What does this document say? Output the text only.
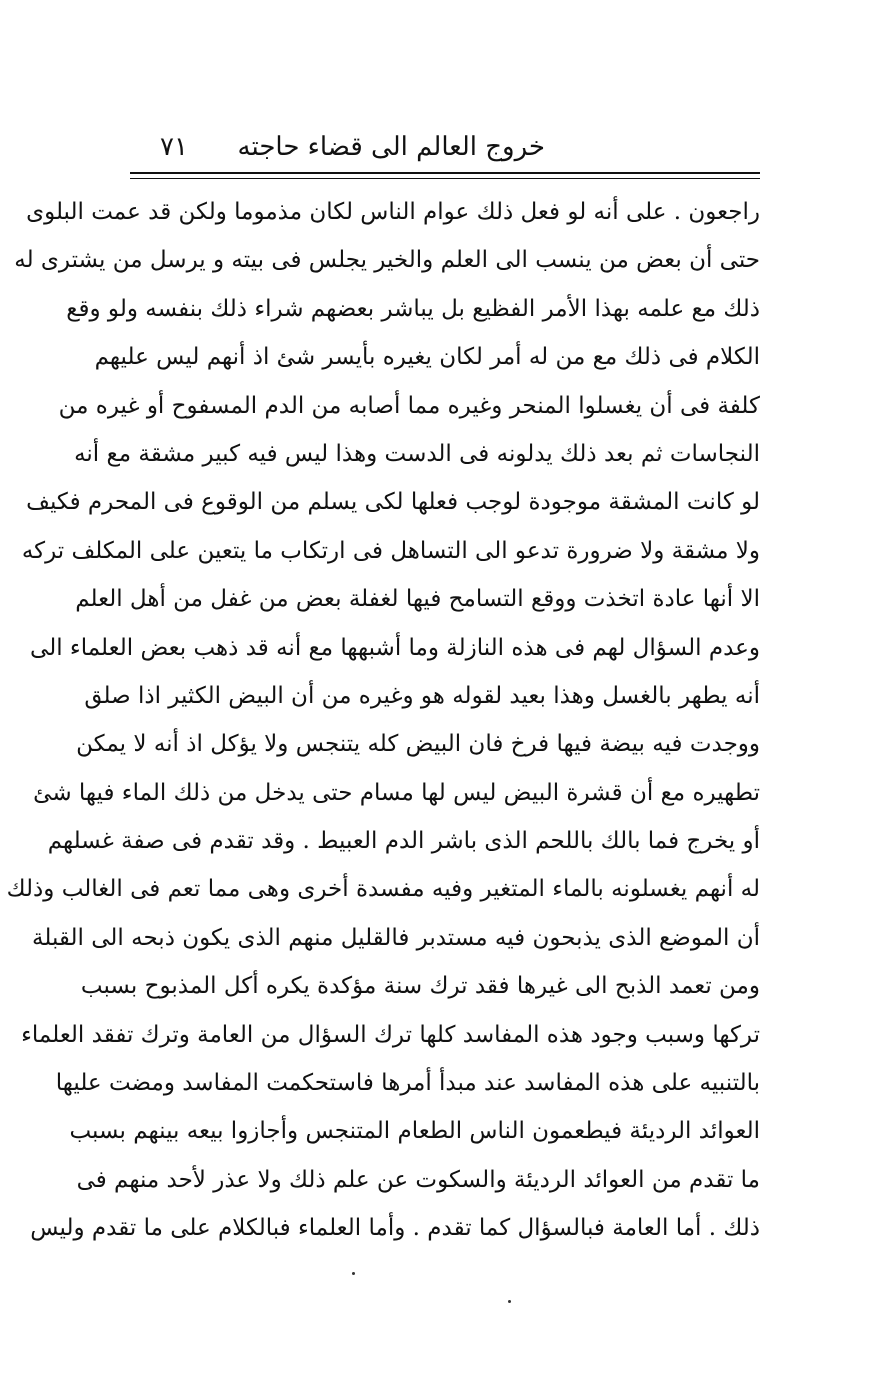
خروج العالم الى قضاء حاجته
٧١
راجعون . على أنه لو فعل ذلك عوام الناس لكان مذموما ولكن قد عمت البلوى
حتى أن بعض من ينسب الى العلم والخير يجلس فى بيته و يرسل من يشترى له
ذلك مع علمه بهذا الأمر الفظيع بل يباشر بعضهم شراء ذلك بنفسه ولو وقع
الكلام فى ذلك مع من له أمر لكان يغيره بأيسر شئ اذ أنهم ليس عليهم
كلفة فى أن يغسلوا المنحر وغيره مما أصابه من الدم المسفوح أو غيره من
النجاسات ثم بعد ذلك يدلونه فى الدست وهذا ليس فيه كبير مشقة مع أنه
لو كانت المشقة موجودة لوجب فعلها لكى يسلم من الوقوع فى المحرم فكيف
ولا مشقة ولا ضرورة تدعو الى التساهل فى ارتكاب ما يتعين على المكلف تركه
الا أنها عادة اتخذت ووقع التسامح فيها لغفلة بعض من غفل من أهل العلم
وعدم السؤال لهم فى هذه النازلة وما أشبهها مع أنه قد ذهب بعض العلماء الى
أنه يطهر بالغسل وهذا بعيد لقوله هو وغيره من أن البيض الكثير اذا صلق
ووجدت فيه بيضة فيها فرخ فان البيض كله يتنجس ولا يؤكل اذ أنه لا يمكن
تطهيره مع أن قشرة البيض ليس لها مسام حتى يدخل من ذلك الماء فيها شئ
أو يخرج فما بالك باللحم الذى باشر الدم العبيط . وقد تقدم فى صفة غسلهم
له أنهم يغسلونه بالماء المتغير وفيه مفسدة أخرى وهى مما تعم فى الغالب وذلك
أن الموضع الذى يذبحون فيه مستدبر فالقليل منهم الذى يكون ذبحه الى القبلة
ومن تعمد الذبح الى غيرها فقد ترك سنة مؤكدة يكره أكل المذبوح بسبب
تركها وسبب وجود هذه المفاسد كلها ترك السؤال من العامة وترك تفقد العلماء
بالتنبيه على هذه المفاسد عند مبدأ أمرها فاستحكمت المفاسد ومضت عليها
العوائد الرديئة فيطعمون الناس الطعام المتنجس وأجازوا بيعه بينهم بسبب
ما تقدم من العوائد الرديئة والسكوت عن علم ذلك ولا عذر لأحد منهم فى
ذلك . أما العامة فبالسؤال كما تقدم . وأما العلماء فبالكلام على ما تقدم وليس
